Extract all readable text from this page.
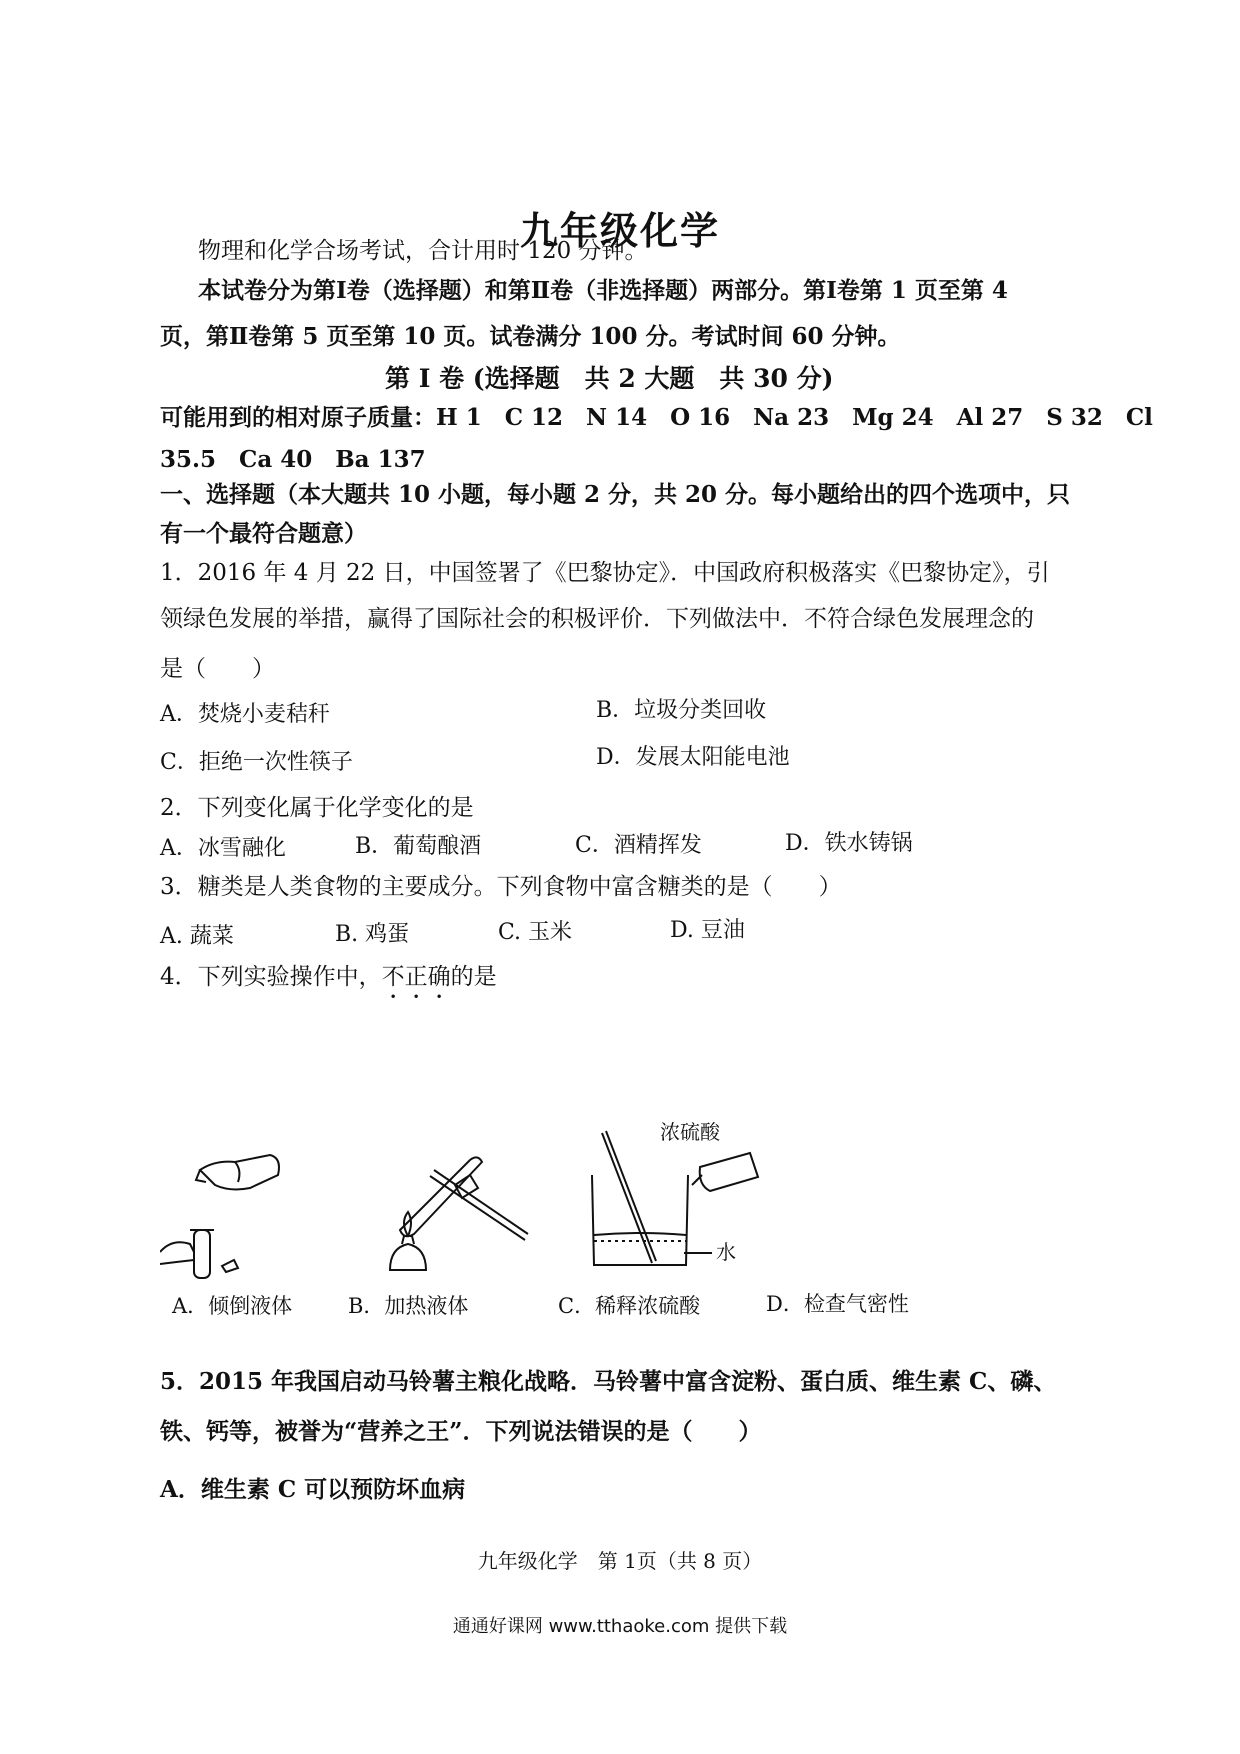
九年级化学
物理和化学合场考试，合计用时 120 分钟。
本试卷分为第Ⅰ卷（选择题）和第Ⅱ卷（非选择题）两部分。第Ⅰ卷第 1 页至第 4
页，第Ⅱ卷第 5 页至第 10 页。试卷满分 100 分。考试时间 60 分钟。
第 Ⅰ 卷 (选择题　共 2 大题　共 30 分)
可能用到的相对原子质量：H 1　C 12　N 14　O 16　Na 23　Mg 24　Al 27　S 32　Cl
35.5　Ca 40　Ba 137
一、选择题（本大题共 10 小题，每小题 2 分，共 20 分。每小题给出的四个选项中，只
有一个最符合题意）
1．2016 年 4 月 22 日，中国签署了《巴黎协定》．中国政府积极落实《巴黎协定》，引
领绿色发展的举措，赢得了国际社会的积极评价．下列做法中．不符合绿色发展理念的
是（　　）
A．焚烧小麦秸秆	B．垃圾分类回收
C．拒绝一次性筷子	D．发展太阳能电池
2．下列变化属于化学变化的是
A．冰雪融化	B．葡萄酿酒	C．酒精挥发	D．铁水铸锅
3．糖类是人类食物的主要成分。下列食物中富含糖类的是（　　）
A. 蔬菜	B. 鸡蛋	C. 玉米	D. 豆油
4．下列实验操作中，不正确的是
浓硫酸
水
A．倾倒液体	B．加热液体	C．稀释浓硫酸	D．检查气密性
5．2015 年我国启动马铃薯主粮化战略．马铃薯中富含淀粉、蛋白质、维生素 C、磷、
铁、钙等，被誉为“营养之王”．下列说法错误的是（　　）
A．维生素 C 可以预防坏血病
九年级化学　第 1页（共 8 页）
通通好课网 www.tthaoke.com 提供下载
